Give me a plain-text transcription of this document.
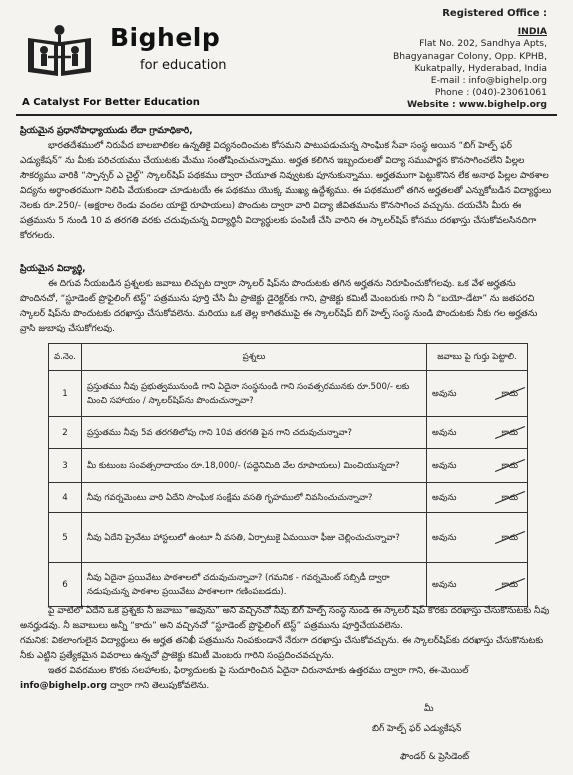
Bighelp
for education
A Catalyst For Better Education
Registered Office :
INDIA
Flat No. 202, Sandhya Apts,
Bhagyanagar Colony, Opp. KPHB,
Kukatpally, Hyderabad, India
E-mail : info@bighelp.org
Phone : (040)-23061061
Website : www.bighelp.org

ప్రియమైన ప్రధానోపాధ్యాయుడు లేదా గ్రామాధికారి,

భారతదేశములో నిరుపేద బాలబాలికల ఉన్నతికై విద్యనందించుట కోసమని పాటుపడుచున్న సాంఘిక సేవా సంస్థ అయిన “బిగ్ హెల్ప్ ఫర్ ఎడ్యుకేషన్” ను మీకు పరిచయము చేయుటకు మేము సంతోషించుచున్నాము. అర్హత కలిగిన ఇబ్బందులతో విద్యా సముపార్జన కొనసాగించలేని పిల్లల సౌకర్యము వారికి “స్పాన్సర్ ఎ చైల్డ్” స్కాలర్‌షిప్ పథకము ద్వారా చేయూత నివ్వుటకు పూనుకున్నాము. అర్హతముగా పెట్టుకొనిన లేక అనాథ పిల్లల పాఠశాల విద్యను అర్ధాంతరముగా నిలిపి వేయకుండా చూడుటయే ఈ పథకము యొక్క ముఖ్య ఉద్దేశ్యము. ఈ పథకములో తగిన అర్హతలతో ఎన్నుకోబడిన విద్యార్థులు నెలకు రూ.250/- (అక్షరాల రెండు వందల యాభై రూపాయలు) పొందుట ద్వారా వారి విద్యా జీవితమును కొనసాగించ వచ్చును. దయచేసి మీరు ఈ పత్రమును 5 నుండి 10 వ తరగతి వరకు చదువుచున్న విద్యార్థినీ విద్యార్థులకు పంపిణీ చేసి వారిని ఈ స్కాలర్‌షిప్ కోసము దరఖాస్తు చేసుకోవలసినదిగా కోరగలరు.

ప్రియమైన విద్యార్థి,

ఈ దిగువ నీయబడిన ప్రశ్నలకు జవాబు లిచ్చుట ద్వారా స్కాలర్ షిప్‌ను పొందుటకు తగిన అర్హతను నిరూపించుకోగలవు. ఒక వేళ అర్హతను పొందినచో, “స్టూడెంట్ ప్రొఫైలింగ్ టెస్ట్” పత్రమును పూర్తి చేసి మీ ప్రాజెక్టు డైరెక్టర్‌కు గాని, ప్రాజెక్టు కమిటీ మెంబరుకు గాని నీ “బయో-డేటా” ను జతపరచి స్కాలర్ షిప్‌ను పొందుటకు దరఖాస్తు చేసుకోవలెను. మరియు ఒక తెల్ల కాగితముపై ఈ స్కాలర్‌షిప్ బిగ్ హెల్ప్ సంస్థ నుండి పొందుటకు నీకు గల అర్హతను వ్రాసి జుబాపు చేసుకోగలవు.

వ.నెం.	ప్రశ్నలు	జవాబు పై గుర్తు పెట్టాలి.
1	ప్రస్తుతము నీవు ప్రభుత్వమునుండి గాని ఏదైనా సంస్థనుండి గాని సంవత్సరమునకు రూ.500/- లకు మించి సహాయం / స్కాలర్‌షిప్‌ను పొందుచున్నావా?	అవును కాదు

2	ప్రస్తుతము నీవు 5వ తరగతిలోపు గాని 10వ తరగతి పైన గాని చదువుచున్నావా?	అవును కాదు

3	మీ కుటుంబ సంవత్సరాదాయం రూ.18,000/- (పద్దెనిమిది వేల రూపాయలు) మించియున్నదా?	అవును కాదు

4	నీవు గవర్నమెంటు వారి ఏదేని సాంఘిక సంక్షేమ వసతి గృహములో నివసించుచున్నావా?	అవును కాదు

5	నీవు ఏదేని ప్రైవేటు హాస్టలులో ఉంటూ నీ వసతి, ఏర్పాటుకై ఏమయినా ఫీజు చెల్లించుచున్నావా?	అవును కాదు

6	నీవు ఏదైనా ప్రయివేటు పాఠశాలలో చదువుచున్నావా? (గమనిక - గవర్నమెంట్ సబ్సిడీ ద్వారా నడుపుచున్న పాఠశాల ప్రయివేటు పాఠశాలగా గణింపబడదు).	అవును కాదు

పై వాటిలో ఏదేని ఒక ప్రశ్నకు నీ జవాబు “అవును” అని వచ్చినచో నీవు బిగ్ హెల్ప్ సంస్థ నుండి ఈ స్కాలర్ షిప్ కొరకు దరఖాస్తు చేసుకొనుటకు నీవు అనర్హుడవు. నీ జవాబులు అన్నీ “కాదు” అని వచ్చినచో “స్టూడెంట్ ప్రొఫైలింగ్ టెస్ట్” పత్రమును పూర్తిచేయవలెను.

గమనిక: వికలాంగులైన విద్యార్థులు ఈ అర్హత తనిఖీ పత్రమును నింపకుండానే నేరుగా దరఖాస్తు చేసుకోవచ్చును. ఈ స్కాలర్‌షిప్‌కు దరఖాస్తు చేసుకొనుటకు నీకు ఎట్టిని ప్రత్యేకమైన వివరాలు ఉన్నచో ప్రాజెక్టు కమిటీ మెంబరు గారిని సంప్రదించవచ్చును.

ఇతర వివరముల కొరకు సలహాలకు, ఫిర్యాదులకు పై సుదూరించిన ఏదైనా చిరునామాకు ఉత్తరము ద్వారా గాని, ఈ-మెయిల్ info@bighelp.org ద్వారా గాని తెలుపుకోవలెను.

మీ
బిగ్ హెల్ప్ ఫర్ ఎడ్యుకేషన్
ఫౌండర్ & ప్రెసిడెంట్
